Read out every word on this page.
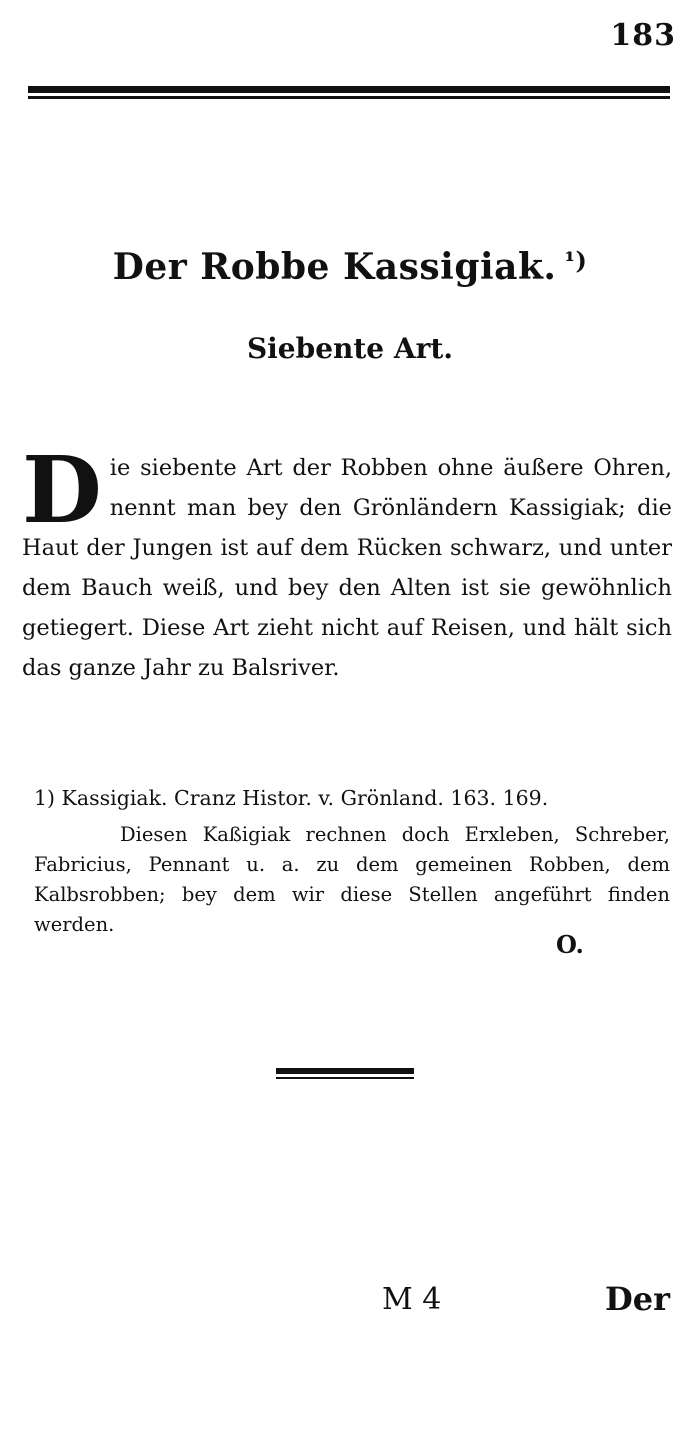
183
Der Robbe Kassigiak. $^{^1)}$
Siebente Art.
Die siebente Art der Robben ohne äußere Ohren, nennt man bey den Grönländern Kassigiak; die Haut der Jungen ist auf dem Rücken schwarz, und unter dem Bauch weiß, und bey den Alten ist sie gewöhnlich getiegert. Diese Art zieht nicht auf Reisen, und hält sich das ganze Jahr zu Balsriver.
1) Kassigiak. Cranz Histor. v. Grönland. 163. 169.
Diesen Kaßigiak rechnen doch Erxleben, Schreber, Fabricius, Pennant u. a. zu dem gemeinen Robben, dem Kalbsrobben; bey dem wir diese Stellen angeführt finden werden.
O.
M 4	Der
